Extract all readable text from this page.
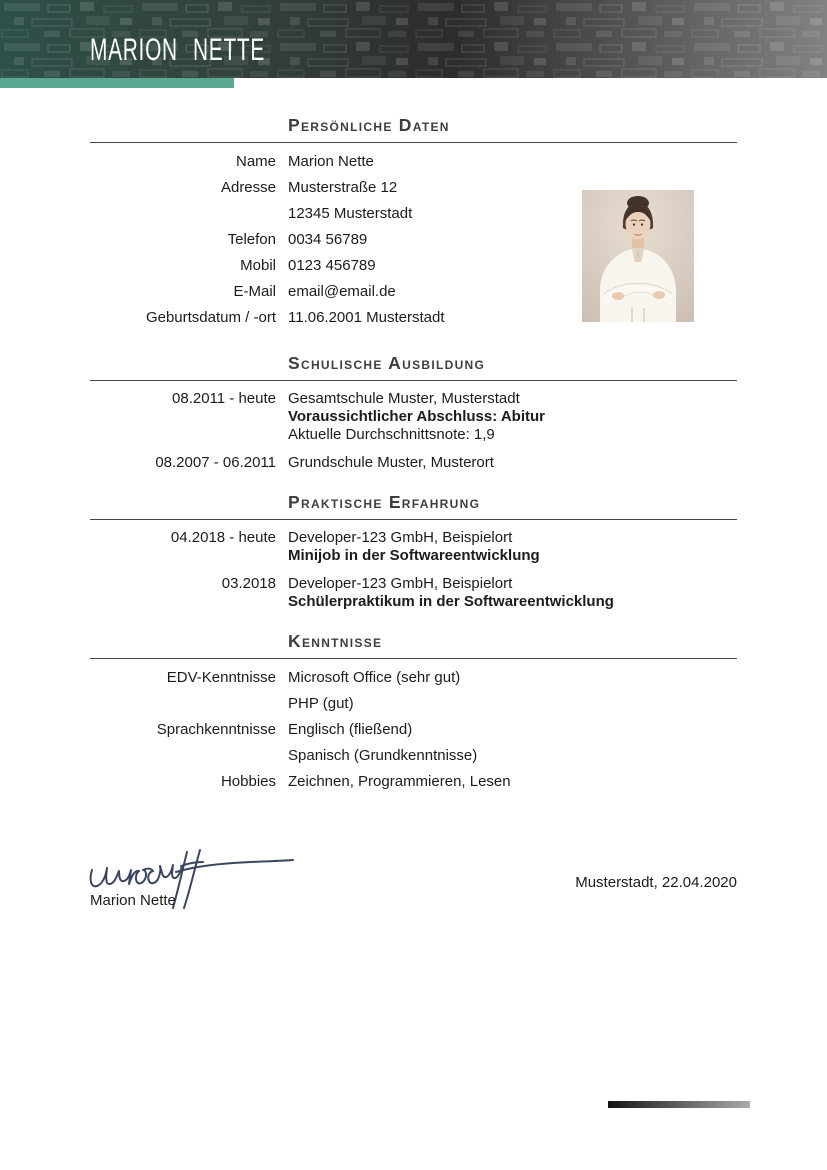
MARION NETTE
Persönliche Daten
Name Marion Nette
Adresse Musterstraße 12
12345 Musterstadt
Telefon 0034 56789
Mobil 0123 456789
E-Mail email@email.de
Geburtsdatum / -ort 11.06.2001 Musterstadt
Schulische Ausbildung
08.2011 - heute Gesamtschule Muster, Musterstadt
Voraussichtlicher Abschluss: Abitur
Aktuelle Durchschnittsnote: 1,9
08.2007 - 06.2011 Grundschule Muster, Musterort
Praktische Erfahrung
04.2018 - heute Developer-123 GmbH, Beispielort
Minijob in der Softwareentwicklung
03.2018 Developer-123 GmbH, Beispielort
Schülerpraktikum in der Softwareentwicklung
Kenntnisse
EDV-Kenntnisse Microsoft Office (sehr gut)
PHP (gut)
Sprachkenntnisse Englisch (fließend)
Spanisch (Grundkenntnisse)
Hobbies Zeichnen, Programmieren, Lesen
Marion Nette
Musterstadt, 22.04.2020
